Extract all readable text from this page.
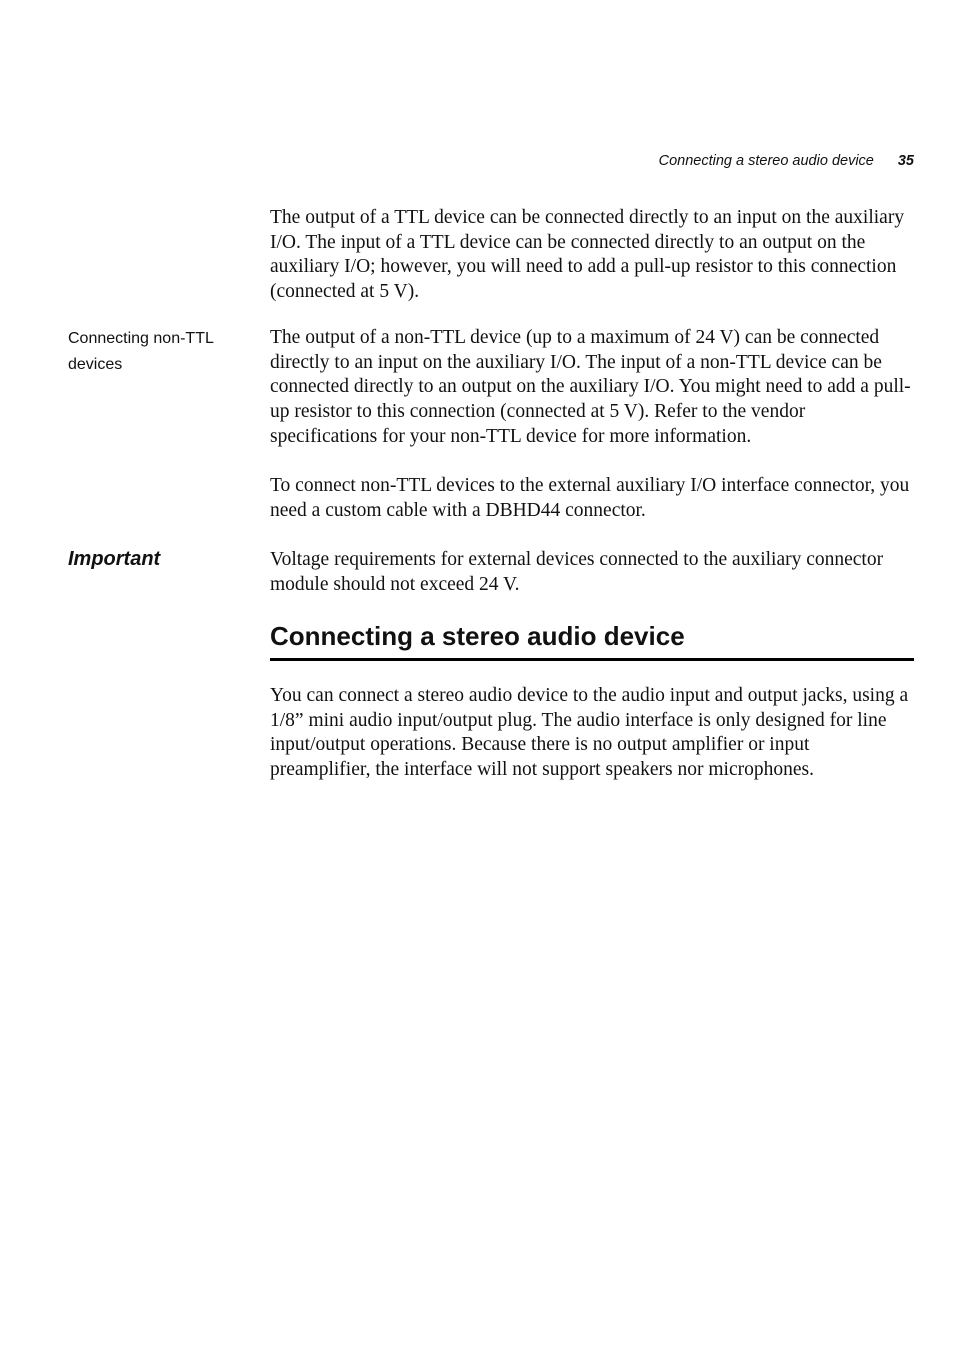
Connecting a stereo audio device 35

The output of a TTL device can be connected directly to an input on the auxiliary I/O. The input of a TTL device can be connected directly to an output on the auxiliary I/O; however, you will need to add a pull-up resistor to this connection (connected at 5 V).

Connecting non-TTL devices

The output of a non-TTL device (up to a maximum of 24 V) can be connected directly to an input on the auxiliary I/O. The input of a non-TTL device can be connected directly to an output on the auxiliary I/O. You might need to add a pull-up resistor to this connection (connected at 5 V). Refer to the vendor specifications for your non-TTL device for more information.

To connect non-TTL devices to the external auxiliary I/O interface connector, you need a custom cable with a DBHD44 connector.

Important	Voltage requirements for external devices connected to the auxiliary connector module should not exceed 24 V.

Connecting a stereo audio device

You can connect a stereo audio device to the audio input and output jacks, using a 1/8” mini audio input/output plug. The audio interface is only designed for line input/output operations. Because there is no output amplifier or input preamplifier, the interface will not support speakers nor microphones.
